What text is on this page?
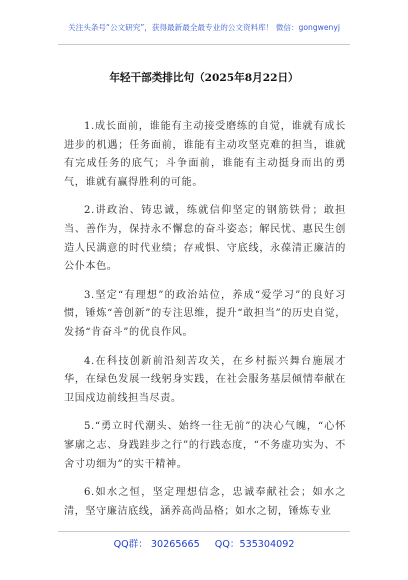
关注头条号“公文研究”，获得最新最全最专业的公文资料库！ 微信：gongwenyj
年轻干部类排比句（2025年8月22日）

1.成长面前，谁能有主动接受磨练的自觉，谁就有成长进步的机遇；任务面前，谁能有主动攻坚克难的担当，谁就有完成任务的底气；斗争面前，谁能有主动挺身而出的勇气，谁就有赢得胜利的可能。

2.讲政治、铸忠诚，练就信仰坚定的钢筋铁骨；敢担当、善作为，保持永不懈怠的奋斗姿态；解民忧、惠民生创造人民满意的时代业绩；存戒惧、守底线，永葆清正廉洁的公仆本色。

3.坚定“有理想”的政治站位，养成“爱学习”的良好习惯，锤炼“善创新”的专注思维，提升“敢担当”的历史自觉，发扬“肯奋斗”的优良作风。

4.在科技创新前沿刻苦攻关，在乡村振兴舞台施展才华，在绿色发展一线躬身实践，在社会服务基层倾情奉献在卫国戍边前线担当尽责。

5.“勇立时代潮头、始终一往无前”的决心气魄，“心怀寥廓之志、身践跬步之行”的行践态度，“不务虚功实为、不舍寸功细为”的实干精神。

6.如水之恒，坚定理想信念，忠诚奉献社会；如水之清，坚守廉洁底线，涵养高尚品格；如水之韧，锤炼专业

QQ群： 30265665 QQ：535304092
